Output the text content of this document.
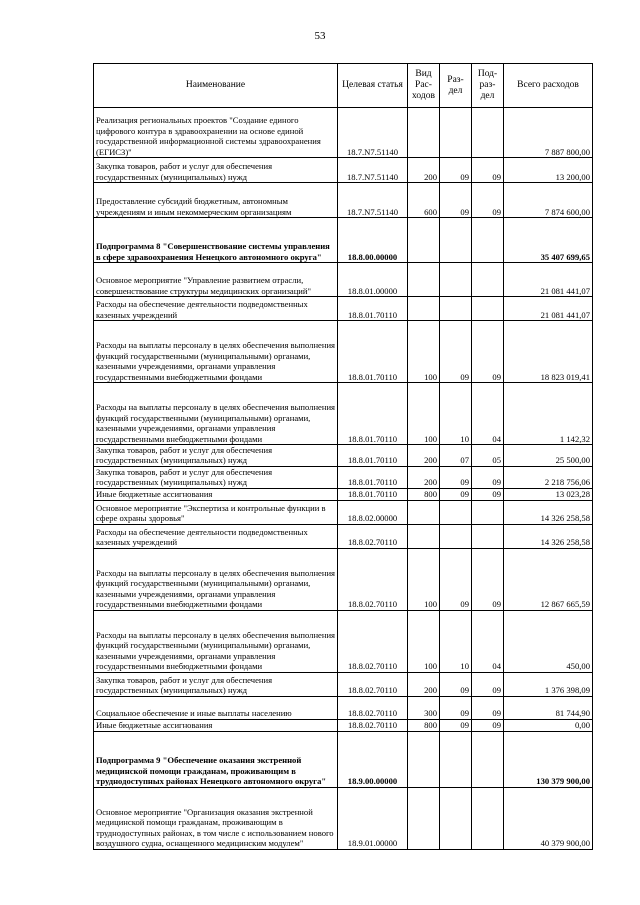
53
Наименование	Целевая статья	Вид Рас- ходов	Раз- дел	Под- раз- дел	Всего расходов
Реализация региональных проектов "Создание единого цифрового контура в здравоохранении на основе единой государственной информационной системы здравоохранения (ЕГИСЗ)"	18.7.N7.51140				7 887 800,00
Закупка товаров, работ и услуг для обеспечения государственных (муниципальных) нужд	18.7.N7.51140	200	09	09	13 200,00
Предоставление субсидий бюджетным, автономным учреждениям и иным некоммерческим организациям	18.7.N7.51140	600	09	09	7 874 600,00
Подпрограмма 8 "Совершенствование системы управления в сфере здравоохранения Ненецкого автономного округа"	18.8.00.00000				35 407 699,65
Основное мероприятие "Управление развитием отрасли, совершенствование структуры медицинских организаций"	18.8.01.00000				21 081 441,07
Расходы на обеспечение деятельности подведомственных казенных учреждений	18.8.01.70110				21 081 441,07
Расходы на выплаты персоналу в целях обеспечения выполнения функций государственными (муниципальными) органами, казенными учреждениями, органами управления государственными внебюджетными фондами	18.8.01.70110	100	09	09	18 823 019,41
Расходы на выплаты персоналу в целях обеспечения выполнения функций государственными (муниципальными) органами, казенными учреждениями, органами управления государственными внебюджетными фондами	18.8.01.70110	100	10	04	1 142,32
Закупка товаров, работ и услуг для обеспечения государственных (муниципальных) нужд	18.8.01.70110	200	07	05	25 500,00
Закупка товаров, работ и услуг для обеспечения государственных (муниципальных) нужд	18.8.01.70110	200	09	09	2 218 756,06
Иные бюджетные ассигнования	18.8.01.70110	800	09	09	13 023,28
Основное мероприятие "Экспертиза и контрольные функции в сфере охраны здоровья"	18.8.02.00000				14 326 258,58
Расходы на обеспечение деятельности подведомственных казенных учреждений	18.8.02.70110				14 326 258,58
Расходы на выплаты персоналу в целях обеспечения выполнения функций государственными (муниципальными) органами, казенными учреждениями, органами управления государственными внебюджетными фондами	18.8.02.70110	100	09	09	12 867 665,59
Расходы на выплаты персоналу в целях обеспечения выполнения функций государственными (муниципальными) органами, казенными учреждениями, органами управления государственными внебюджетными фондами	18.8.02.70110	100	10	04	450,00
Закупка товаров, работ и услуг для обеспечения государственных (муниципальных) нужд	18.8.02.70110	200	09	09	1 376 398,09
Социальное обеспечение и иные выплаты населению	18.8.02.70110	300	09	09	81 744,90
Иные бюджетные ассигнования	18.8.02.70110	800	09	09	0,00
Подпрограмма 9 "Обеспечение оказания экстренной медицинской помощи гражданам, проживающим в труднодоступных районах Ненецкого автономного округа"	18.9.00.00000				130 379 900,00
Основное мероприятие "Организация оказания экстренной медицинской помощи гражданам, проживающим в труднодоступных районах, в том числе с использованием нового воздушного судна, оснащенного медицинским модулем"	18.9.01.00000				40 379 900,00
